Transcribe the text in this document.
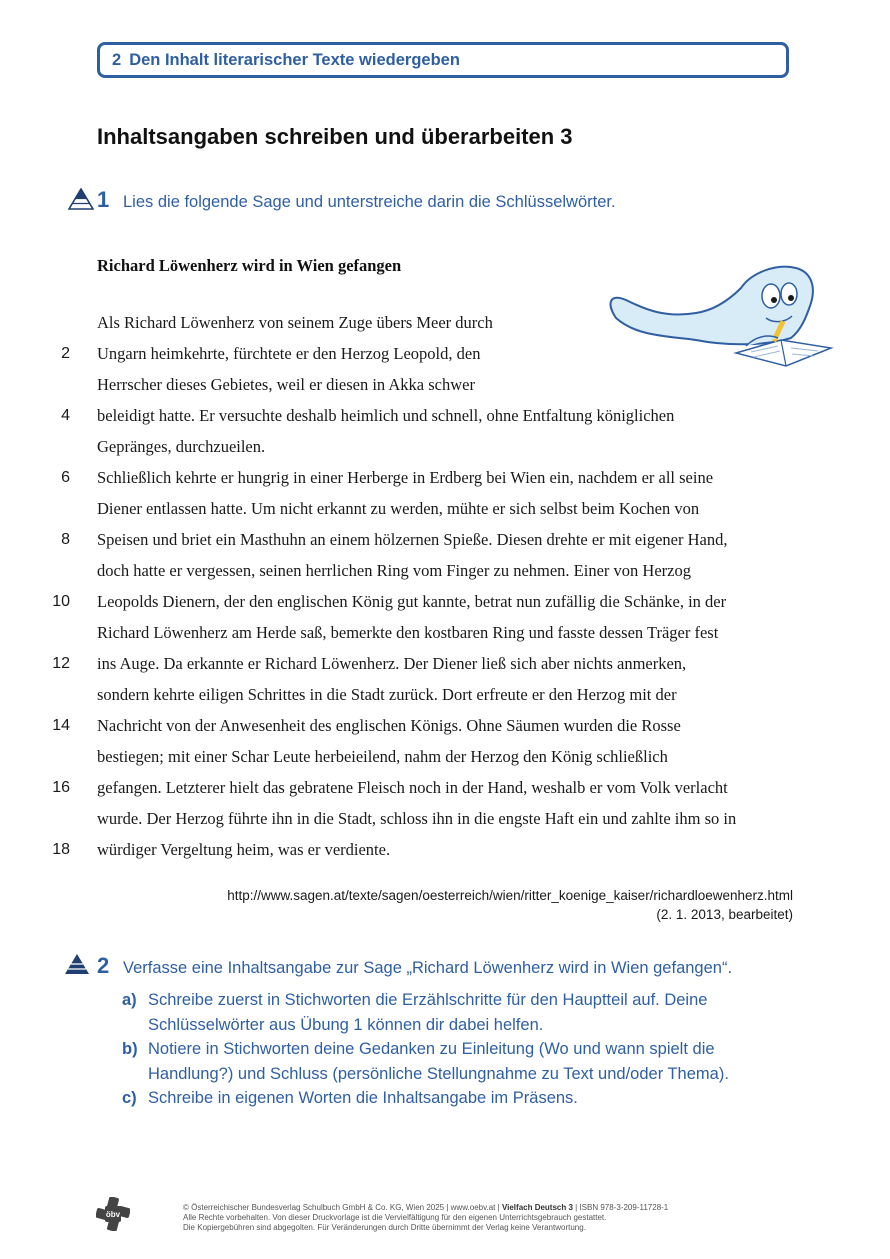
2 Den Inhalt literarischer Texte wiedergeben
Inhaltsangaben schreiben und überarbeiten 3
1 Lies die folgende Sage und unterstreiche darin die Schlüsselwörter.
Richard Löwenherz wird in Wien gefangen
2
4
6
8
10
12
14
16
18
Als Richard Löwenherz von seinem Zuge übers Meer durch
Ungarn heimkehrte, fürchtete er den Herzog Leopold, den
Herrscher dieses Gebietes, weil er diesen in Akka schwer
beleidigt hatte. Er versuchte deshalb heimlich und schnell, ohne Entfaltung königlichen
Gepränges, durchzueilen.
Schließlich kehrte er hungrig in einer Herberge in Erdberg bei Wien ein, nachdem er all seine
Diener entlassen hatte. Um nicht erkannt zu werden, mühte er sich selbst beim Kochen von
Speisen und briet ein Masthuhn an einem hölzernen Spieße. Diesen drehte er mit eigener Hand,
doch hatte er vergessen, seinen herrlichen Ring vom Finger zu nehmen. Einer von Herzog
Leopolds Dienern, der den englischen König gut kannte, betrat nun zufällig die Schänke, in der
Richard Löwenherz am Herde saß, bemerkte den kostbaren Ring und fasste dessen Träger fest
ins Auge. Da erkannte er Richard Löwenherz. Der Diener ließ sich aber nichts anmerken,
sondern kehrte eiligen Schrittes in die Stadt zurück. Dort erfreute er den Herzog mit der
Nachricht von der Anwesenheit des englischen Königs. Ohne Säumen wurden die Rosse
bestiegen; mit einer Schar Leute herbeieilend, nahm der Herzog den König schließlich
gefangen. Letzterer hielt das gebratene Fleisch noch in der Hand, weshalb er vom Volk verlacht
wurde. Der Herzog führte ihn in die Stadt, schloss ihn in die engste Haft ein und zahlte ihm so in
würdiger Vergeltung heim, was er verdiente.
http://www.sagen.at/texte/sagen/oesterreich/wien/ritter_koenige_kaiser/richardloewenherz.html
(2. 1. 2013, bearbeitet)
2 Verfasse eine Inhaltsangabe zur Sage „Richard Löwenherz wird in Wien gefangen“.
a) Schreibe zuerst in Stichworten die Erzählschritte für den Hauptteil auf. Deine Schlüsselwörter aus Übung 1 können dir dabei helfen.
b) Notiere in Stichworten deine Gedanken zu Einleitung (Wo und wann spielt die Handlung?) und Schluss (persönliche Stellungnahme zu Text und/oder Thema).
c) Schreibe in eigenen Worten die Inhaltsangabe im Präsens.
öbv
© Österreichischer Bundesverlag Schulbuch GmbH & Co. KG, Wien 2025 | www.oebv.at | Vielfach Deutsch 3 | ISBN 978-3-209-11728-1
Alle Rechte vorbehalten. Von dieser Druckvorlage ist die Vervielfältigung für den eigenen Unterrichtsgebrauch gestattet.
Die Kopiergebühren sind abgegolten. Für Veränderungen durch Dritte übernimmt der Verlag keine Verantwortung.
